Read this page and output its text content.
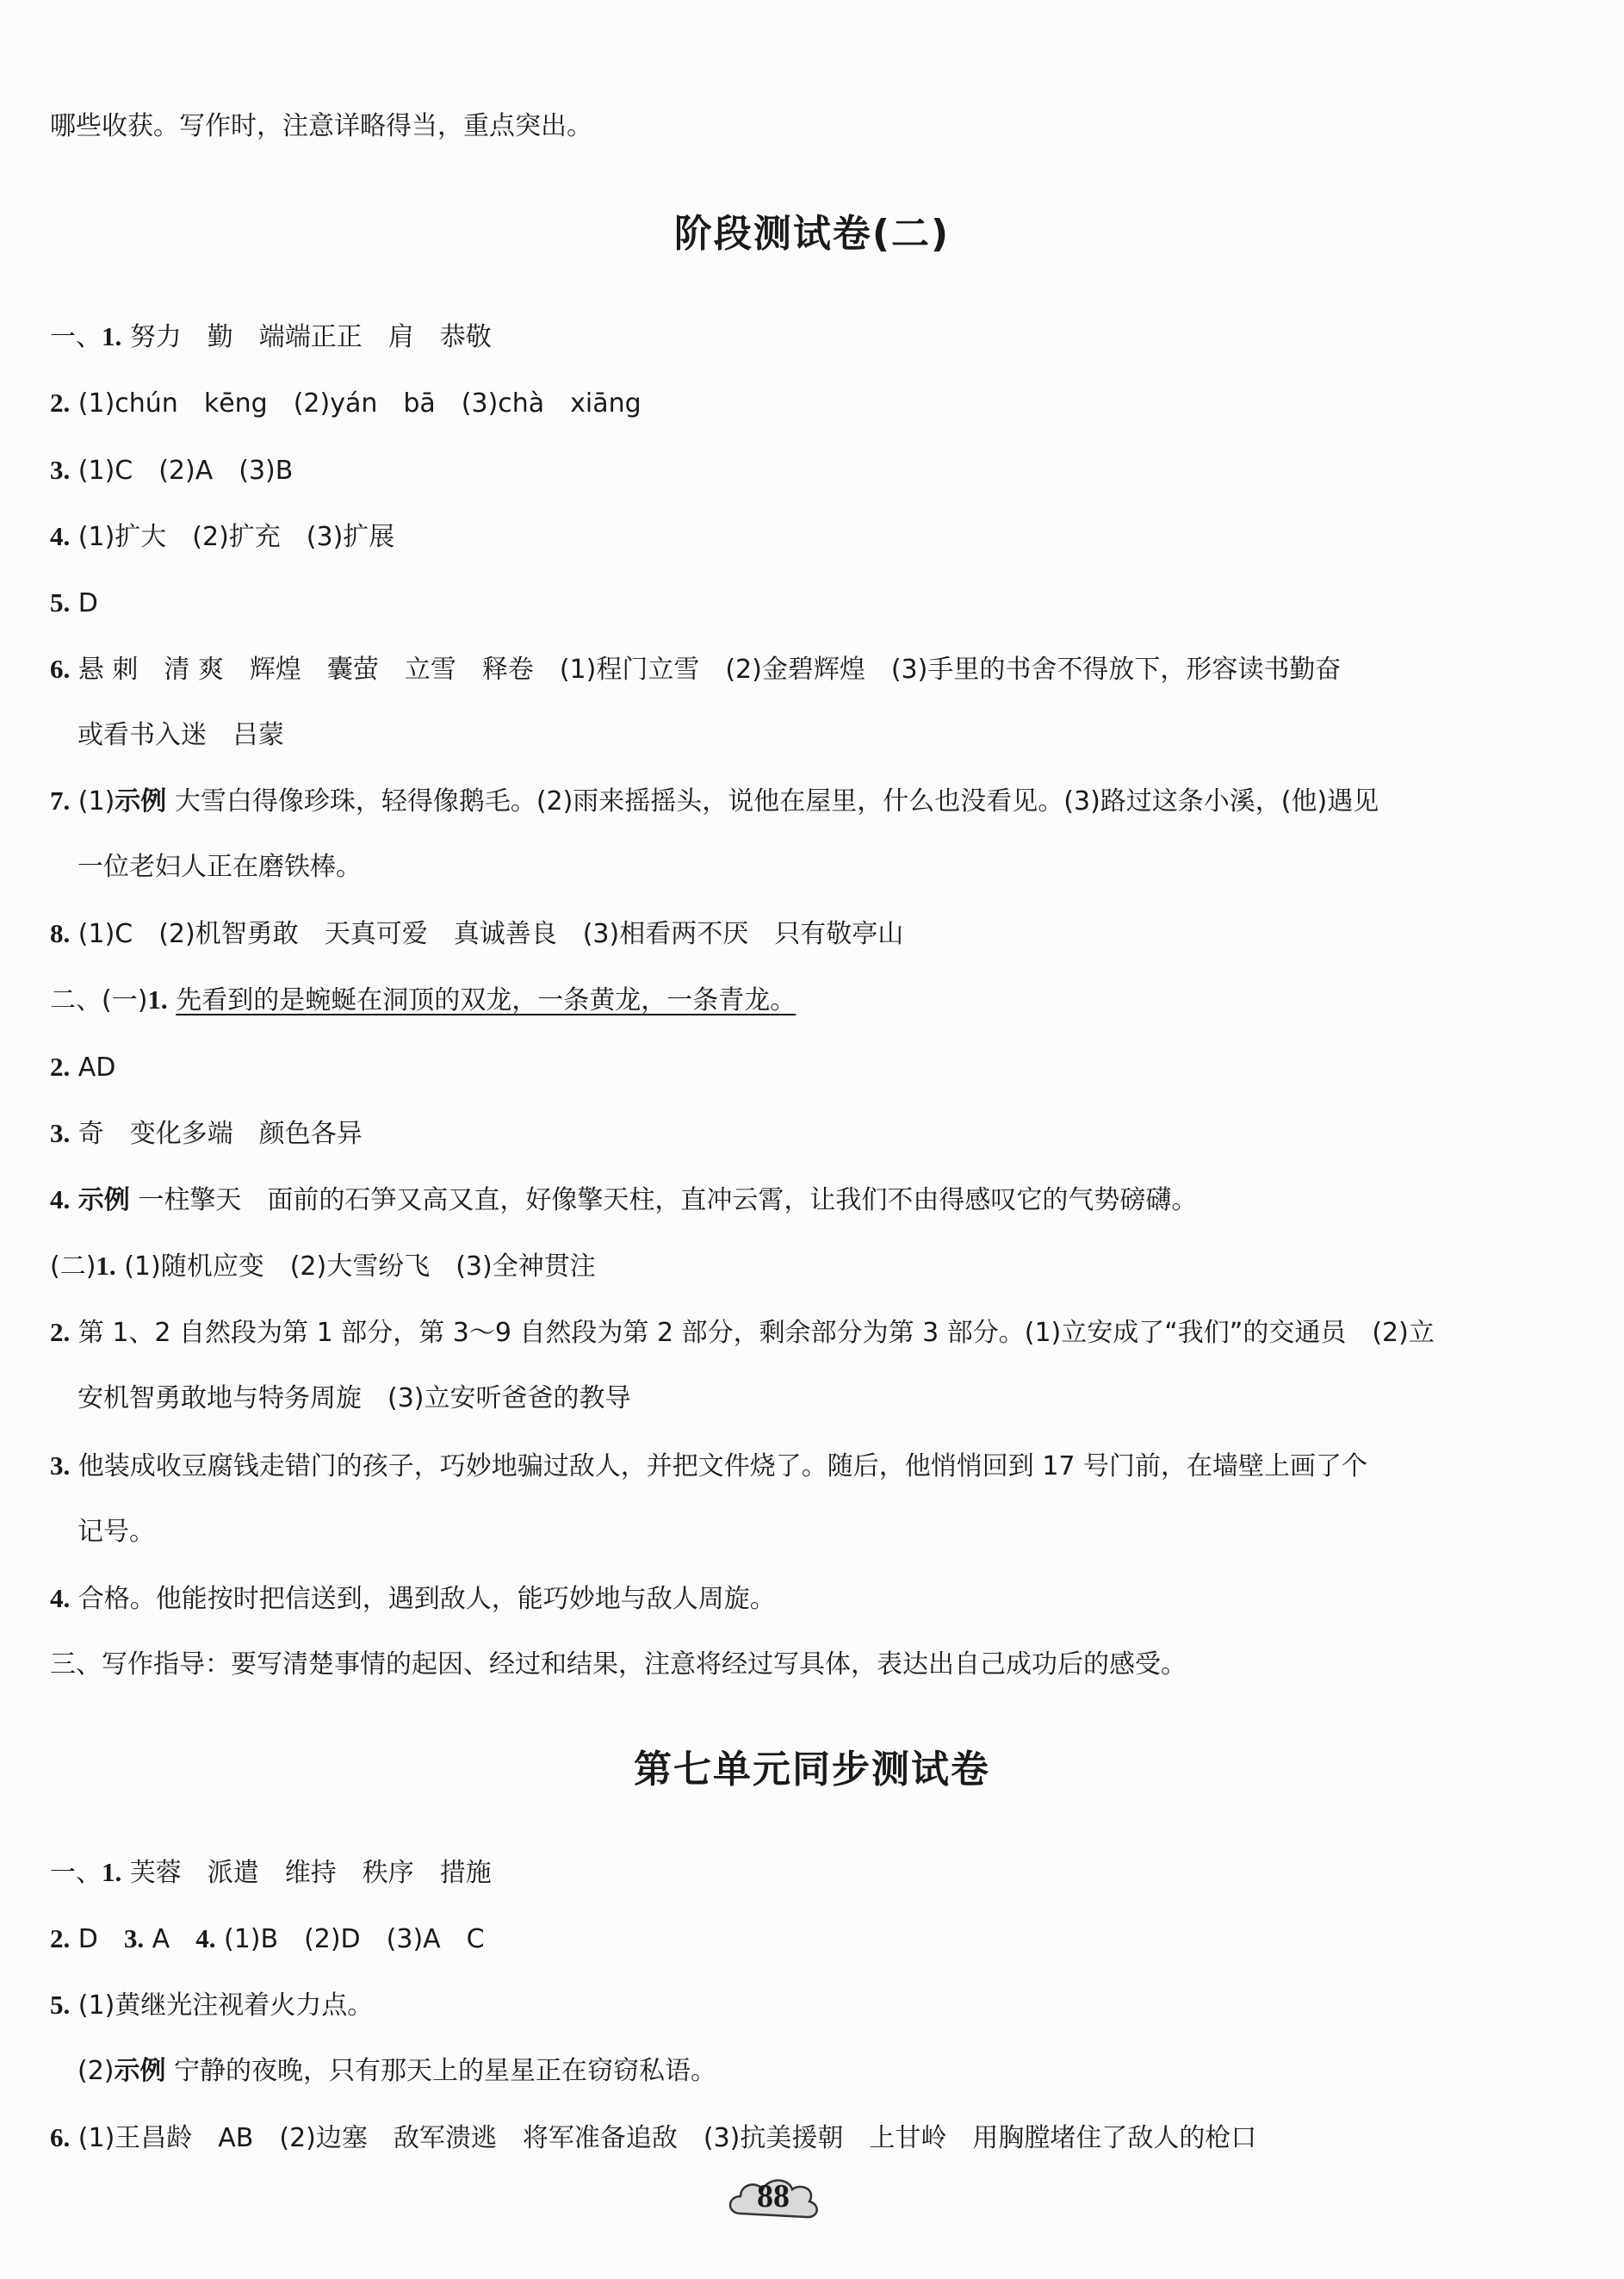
哪些收获。写作时，注意详略得当，重点突出。
阶段测试卷(二)
一、1. 努力　勤　端端正正　肩　恭敬
2. (1)chún　kēng　(2)yán　bā　(3)chà　xiāng
3. (1)C　(2)A　(3)B
4. (1)扩大　(2)扩充　(3)扩展
5. D
6. 悬 刺　清 爽　辉煌　囊萤　立雪　释卷　(1)程门立雪　(2)金碧辉煌　(3)手里的书舍不得放下，形容读书勤奋
或看书入迷　吕蒙
7. (1)示例 大雪白得像珍珠，轻得像鹅毛。(2)雨来摇摇头，说他在屋里，什么也没看见。(3)路过这条小溪，(他)遇见
一位老妇人正在磨铁棒。
8. (1)C　(2)机智勇敢　天真可爱　真诚善良　(3)相看两不厌　只有敬亭山
二、(一)1. 先看到的是蜿蜒在洞顶的双龙，一条黄龙，一条青龙。
2. AD
3. 奇　变化多端　颜色各异
4. 示例 一柱擎天　面前的石笋又高又直，好像擎天柱，直冲云霄，让我们不由得感叹它的气势磅礴。
(二)1. (1)随机应变　(2)大雪纷飞　(3)全神贯注
2. 第 1、2 自然段为第 1 部分，第 3～9 自然段为第 2 部分，剩余部分为第 3 部分。(1)立安成了“我们”的交通员　(2)立
安机智勇敢地与特务周旋　(3)立安听爸爸的教导
3. 他装成收豆腐钱走错门的孩子，巧妙地骗过敌人，并把文件烧了。随后，他悄悄回到 17 号门前，在墙壁上画了个
记号。
4. 合格。他能按时把信送到，遇到敌人，能巧妙地与敌人周旋。
三、写作指导：要写清楚事情的起因、经过和结果，注意将经过写具体，表达出自己成功后的感受。
第七单元同步测试卷
一、1. 芙蓉　派遣　维持　秩序　措施
2. D　3. A　4. (1)B　(2)D　(3)A　C
5. (1)黄继光注视着火力点。
(2)示例 宁静的夜晚，只有那天上的星星正在窃窃私语。
6. (1)王昌龄　AB　(2)边塞　敌军溃逃　将军准备追敌　(3)抗美援朝　上甘岭　用胸膛堵住了敌人的枪口
88
